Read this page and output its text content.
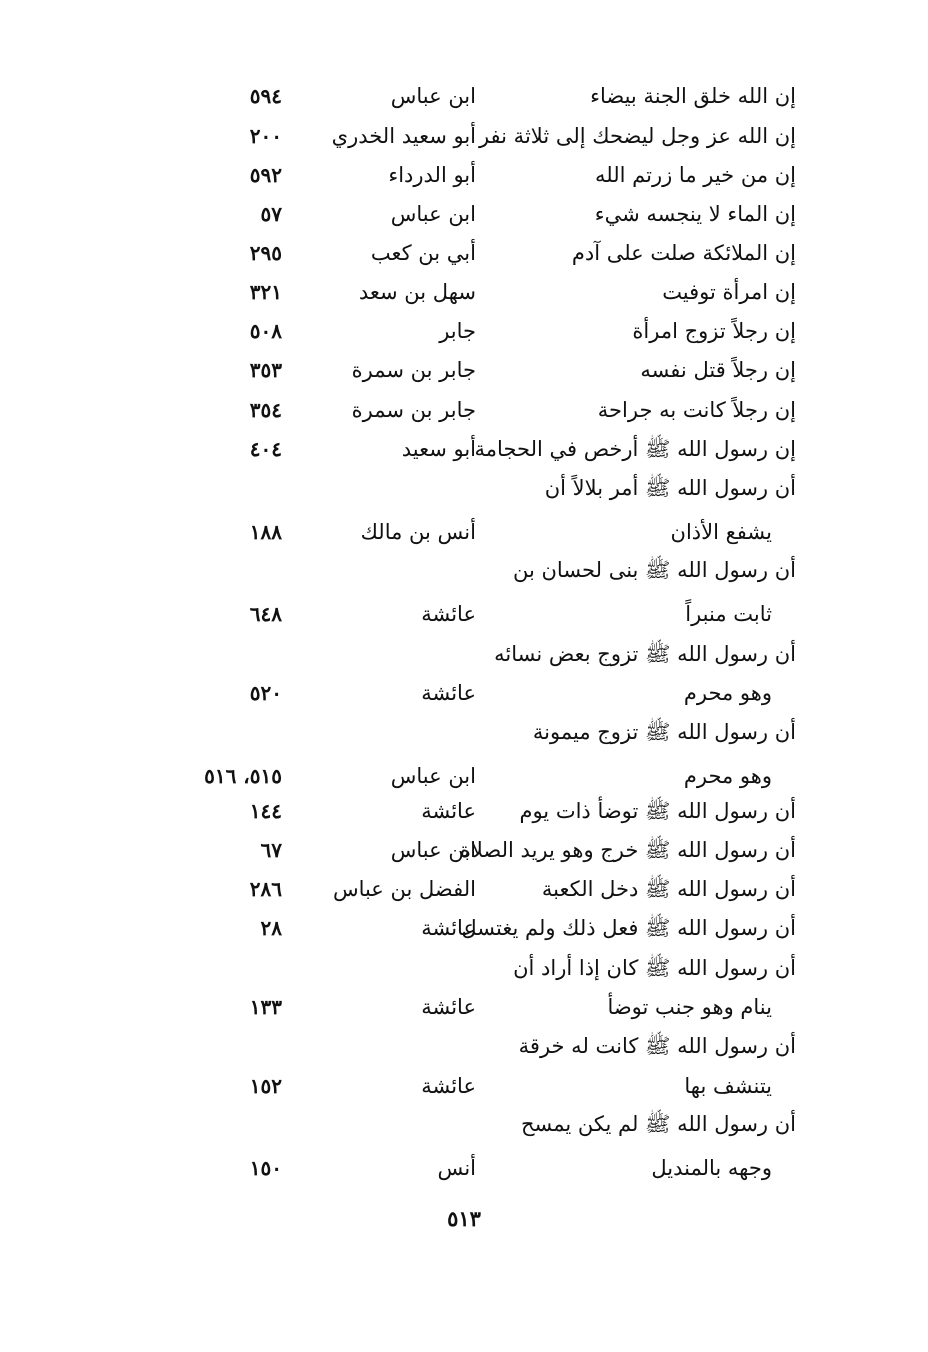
إن الله خلق الجنة بيضاء
ابن عباس
٥٩٤
إن الله عز وجل ليضحك إلى ثلاثة نفر
أبو سعيد الخدري
٢٠٠
إن من خير ما زرتم الله
أبو الدرداء
٥٩٢
إن الماء لا ينجسه شيء
ابن عباس
٥٧
إن الملائكة صلت على آدم
أبي بن كعب
٢٩٥
إن امرأة توفيت
سهل بن سعد
٣٢١
إن رجلاً تزوج امرأة
جابر
٥٠٨
إن رجلاً قتل نفسه
جابر بن سمرة
٣٥٣
إن رجلاً كانت به جراحة
جابر بن سمرة
٣٥٤
إن رسول الله ﷺ أرخص في الحجامة
أبو سعيد
٤٠٤
أن رسول الله ﷺ أمر بلالاً أن
يشفع الأذان
أنس بن مالك
١٨٨
أن رسول الله ﷺ بنى لحسان بن
ثابت منبراً
عائشة
٦٤٨
أن رسول الله ﷺ تزوج بعض نسائه
وهو محرم
عائشة
٥٢٠
أن رسول الله ﷺ تزوج ميمونة
وهو محرم
ابن عباس
٥١٥، ٥١٦
أن رسول الله ﷺ توضأ ذات يوم
عائشة
١٤٤
أن رسول الله ﷺ خرج وهو يريد الصلاة
ابن عباس
٦٧
أن رسول الله ﷺ دخل الكعبة
الفضل بن عباس
٢٨٦
أن رسول الله ﷺ فعل ذلك ولم يغتسل
عائشة
٢٨
أن رسول الله ﷺ كان إذا أراد أن
ينام وهو جنب توضأ
عائشة
١٣٣
أن رسول الله ﷺ كانت له خرقة
يتنشف بها
عائشة
١٥٢
أن رسول الله ﷺ لم يكن يمسح
وجهه بالمنديل
أنس
١٥٠
٥١٣
